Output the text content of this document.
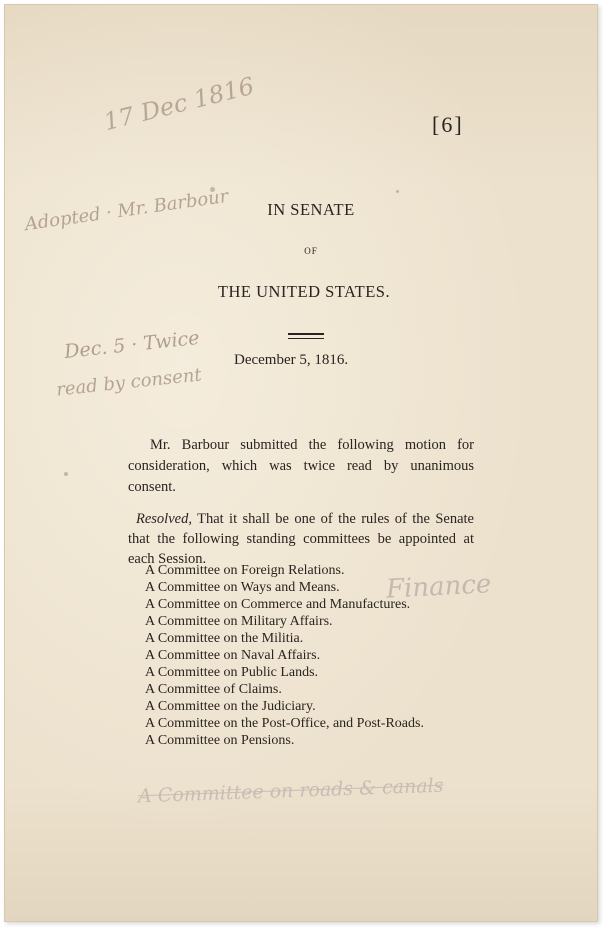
17 Dec 1816
Adopted · Mr. Barbour
Dec. 5 · Twice
read by consent
Finance
A Committee on roads & canals
[6]
IN SENATE
OF
THE UNITED STATES.
December 5, 1816.

Mr. Barbour submitted the following motion for consideration, which was twice read by unanimous consent.

Resolved, That it shall be one of the rules of the Senate that the following standing committees be appointed at each Session.

A Committee on Foreign Relations.
A Committee on Ways and Means.
A Committee on Commerce and Manufactures.
A Committee on Military Affairs.
A Committee on the Militia.
A Committee on Naval Affairs.
A Committee on Public Lands.
A Committee of Claims.
A Committee on the Judiciary.
A Committee on the Post-Office, and Post-Roads.
A Committee on Pensions.
